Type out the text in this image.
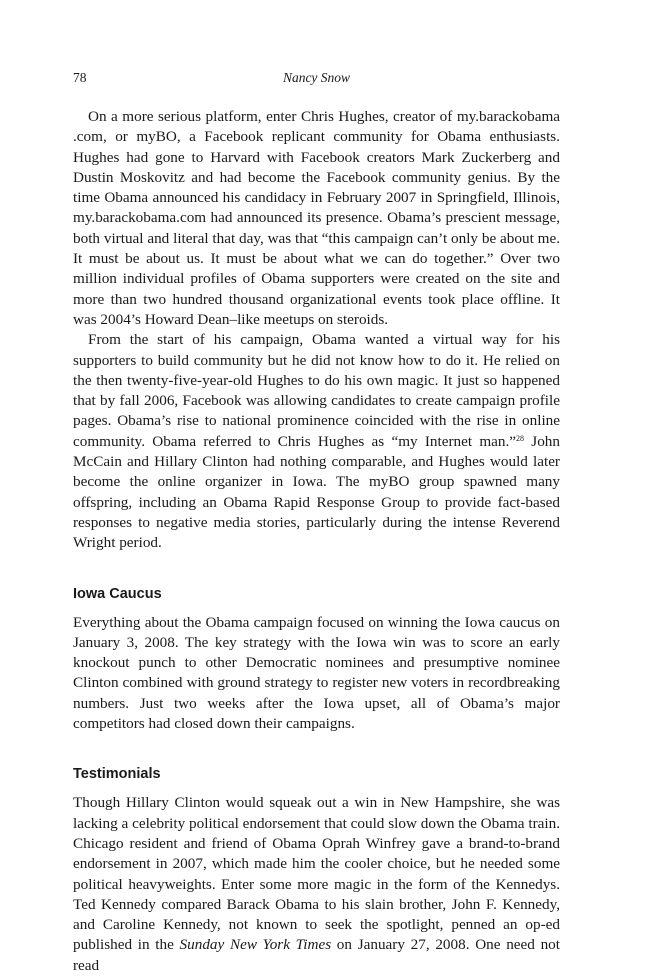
78	Nancy Snow

On a more serious platform, enter Chris Hughes, creator of my.barackobama .com, or myBO, a Facebook replicant community for Obama enthusiasts. Hughes had gone to Harvard with Facebook creators Mark Zuckerberg and Dustin Moskovitz and had become the Facebook community genius. By the time Obama announced his candidacy in February 2007 in Springfield, Illinois, my.barackobama.com had announced its presence. Obama’s prescient message, both virtual and literal that day, was that “this campaign can’t only be about me. It must be about us. It must be about what we can do together.” Over two million individual profiles of Obama supporters were created on the site and more than two hundred thousand organizational events took place offline. It was 2004’s Howard Dean–like meetups on steroids.

From the start of his campaign, Obama wanted a virtual way for his supporters to build community but he did not know how to do it. He relied on the then twenty-five-year-old Hughes to do his own magic. It just so happened that by fall 2006, Facebook was allowing candidates to create campaign profile pages. Obama’s rise to national prominence coincided with the rise in online community. Obama referred to Chris Hughes as “my Internet man.”$^{28}$ John McCain and Hillary Clinton had nothing comparable, and Hughes would later become the online organizer in Iowa. The myBO group spawned many offspring, including an Obama Rapid Response Group to provide fact-based responses to negative media stories, particularly during the intense Reverend Wright period.

Iowa Caucus

Everything about the Obama campaign focused on winning the Iowa caucus on January 3, 2008. The key strategy with the Iowa win was to score an early knockout punch to other Democratic nominees and presumptive nominee Clinton combined with ground strategy to register new voters in recordbreaking numbers. Just two weeks after the Iowa upset, all of Obama’s major competitors had closed down their campaigns.

Testimonials

Though Hillary Clinton would squeak out a win in New Hampshire, she was lacking a celebrity political endorsement that could slow down the Obama train. Chicago resident and friend of Obama Oprah Winfrey gave a brand-to-brand endorsement in 2007, which made him the cooler choice, but he needed some political heavyweights. Enter some more magic in the form of the Kennedys. Ted Kennedy compared Barack Obama to his slain brother, John F. Kennedy, and Caroline Kennedy, not known to seek the spotlight, penned an op-ed published in the Sunday New York Times on January 27, 2008. One need not read
